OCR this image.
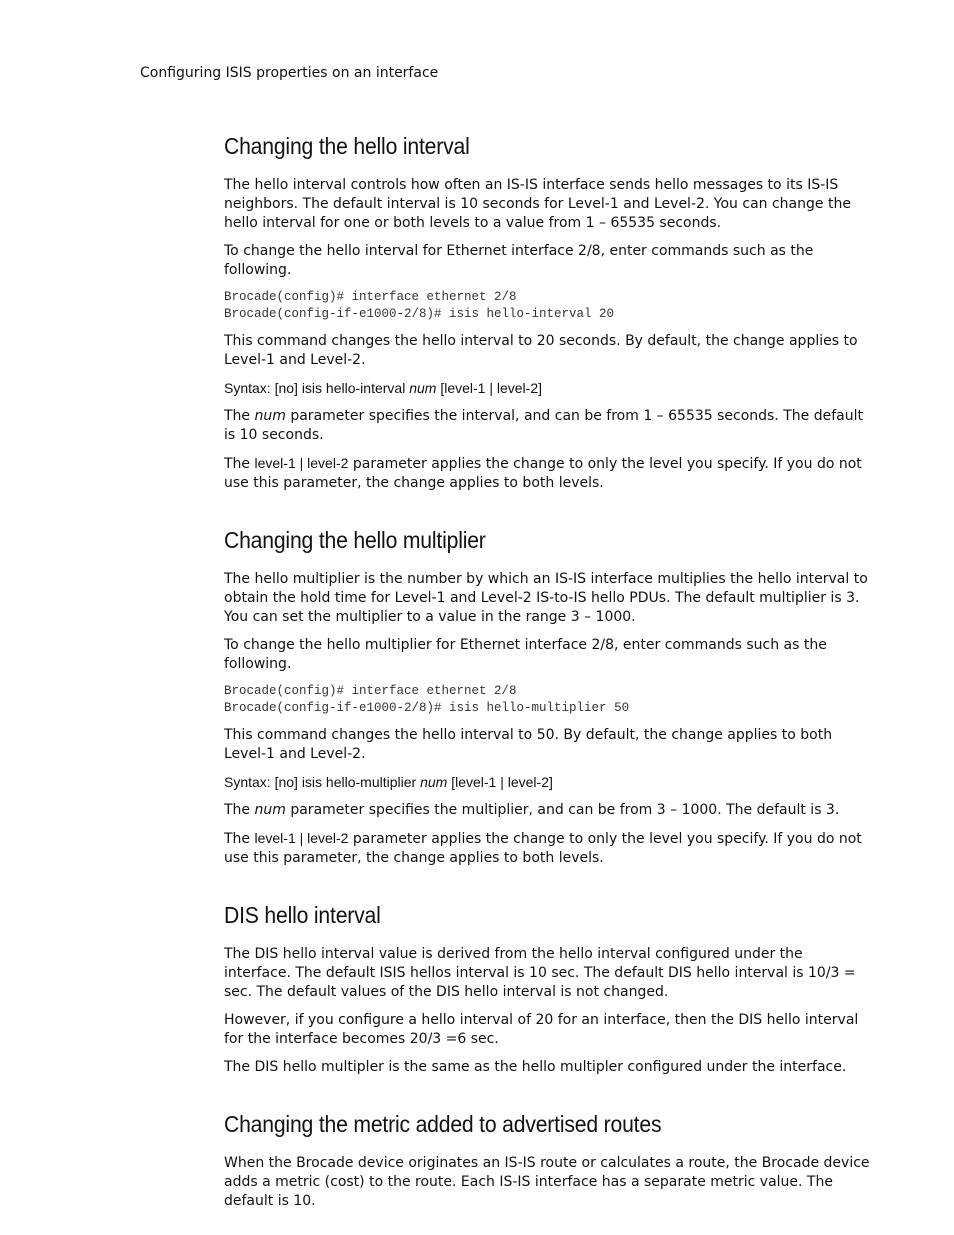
Configuring ISIS properties on an interface
Changing the hello interval

The hello interval controls how often an IS-IS interface sends hello messages to its IS-IS neighbors. The default interval is 10 seconds for Level-1 and Level-2. You can change the hello interval for one or both levels to a value from 1 – 65535 seconds.

To change the hello interval for Ethernet interface 2/8, enter commands such as the following.

Brocade(config)# interface ethernet 2/8
Brocade(config-if-e1000-2/8)# isis hello-interval 20

This command changes the hello interval to 20 seconds. By default, the change applies to Level-1 and Level-2.

Syntax: [no] isis hello-interval num [level-1 | level-2]

The num parameter specifies the interval, and can be from 1 – 65535 seconds. The default is 10 seconds.

The level-1 | level-2 parameter applies the change to only the level you specify. If you do not use this parameter, the change applies to both levels.

Changing the hello multiplier

The hello multiplier is the number by which an IS-IS interface multiplies the hello interval to obtain the hold time for Level-1 and Level-2 IS-to-IS hello PDUs. The default multiplier is 3. You can set the multiplier to a value in the range 3 – 1000.

To change the hello multiplier for Ethernet interface 2/8, enter commands such as the following.

Brocade(config)# interface ethernet 2/8
Brocade(config-if-e1000-2/8)# isis hello-multiplier 50

This command changes the hello interval to 50. By default, the change applies to both Level-1 and Level-2.

Syntax: [no] isis hello-multiplier num [level-1 | level-2]

The num parameter specifies the multiplier, and can be from 3 – 1000. The default is 3.

The level-1 | level-2 parameter applies the change to only the level you specify. If you do not use this parameter, the change applies to both levels.

DIS hello interval

The DIS hello interval value is derived from the hello interval configured under the interface. The default ISIS hellos interval is 10 sec. The default DIS hello interval is 10/3 = sec. The default values of the DIS hello interval is not changed.

However, if you configure a hello interval of 20 for an interface, then the DIS hello interval for the interface becomes 20/3 =6 sec.

The DIS hello multipler is the same as the hello multipler configured under the interface.

Changing the metric added to advertised routes

When the Brocade device originates an IS-IS route or calculates a route, the Brocade device adds a metric (cost) to the route. Each IS-IS interface has a separate metric value. The default is 10.
